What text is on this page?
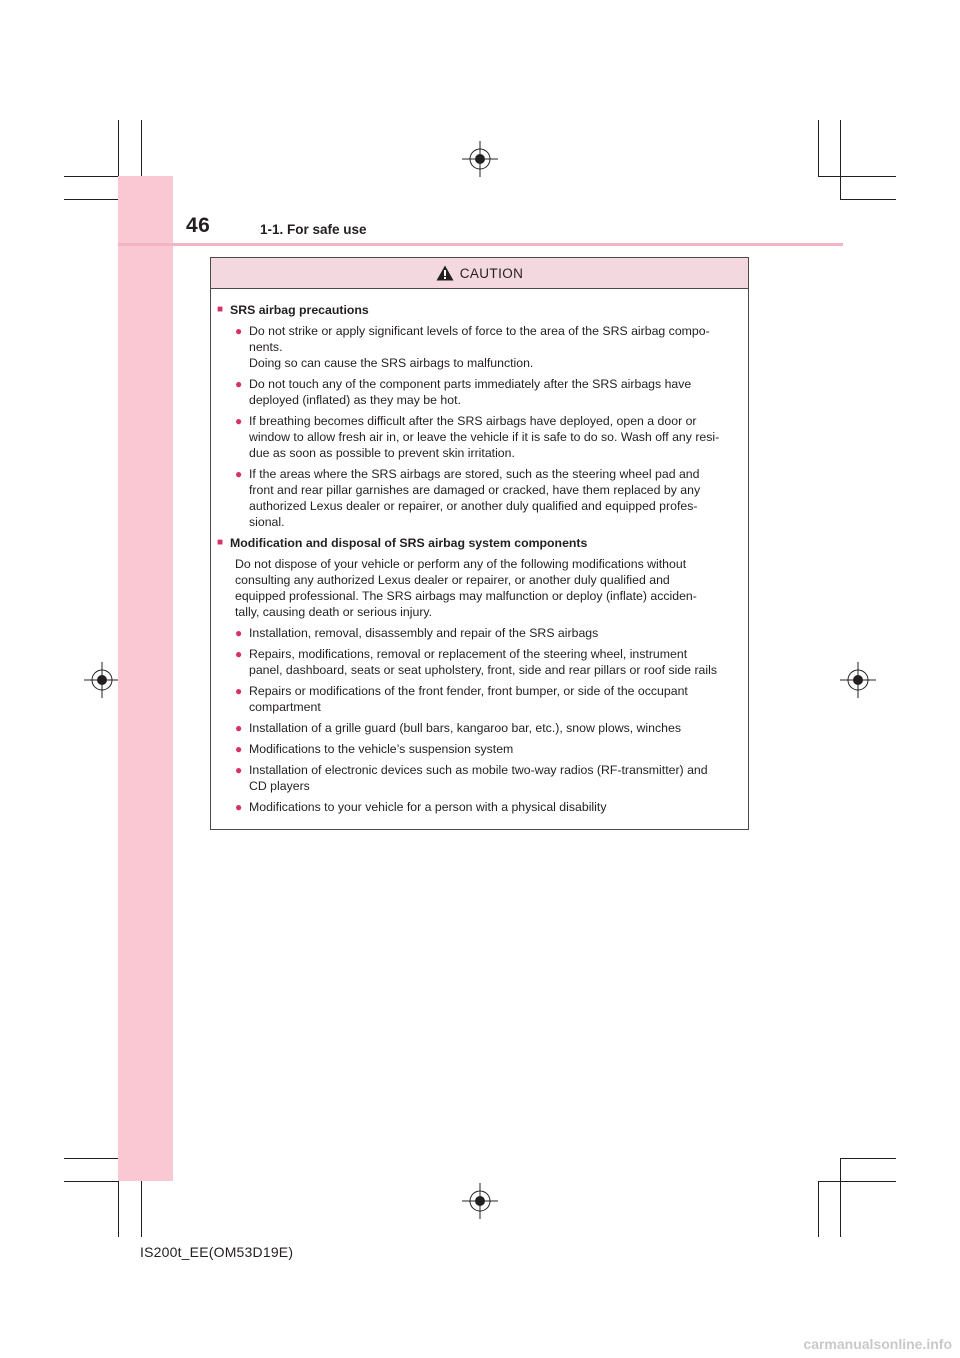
46	1-1. For safe use
CAUTION
■ SRS airbag precautions
● Do not strike or apply significant levels of force to the area of the SRS airbag compo-
nents.
Doing so can cause the SRS airbags to malfunction.
● Do not touch any of the component parts immediately after the SRS airbags have
deployed (inflated) as they may be hot.
● If breathing becomes difficult after the SRS airbags have deployed, open a door or
window to allow fresh air in, or leave the vehicle if it is safe to do so. Wash off any resi-
due as soon as possible to prevent skin irritation.
● If the areas where the SRS airbags are stored, such as the steering wheel pad and
front and rear pillar garnishes are damaged or cracked, have them replaced by any
authorized Lexus dealer or repairer, or another duly qualified and equipped profes-
sional.
■ Modification and disposal of SRS airbag system components
Do not dispose of your vehicle or perform any of the following modifications without
consulting any authorized Lexus dealer or repairer, or another duly qualified and
equipped professional. The SRS airbags may malfunction or deploy (inflate) acciden-
tally, causing death or serious injury.
● Installation, removal, disassembly and repair of the SRS airbags
● Repairs, modifications, removal or replacement of the steering wheel, instrument
panel, dashboard, seats or seat upholstery, front, side and rear pillars or roof side rails
● Repairs or modifications of the front fender, front bumper, or side of the occupant
compartment
● Installation of a grille guard (bull bars, kangaroo bar, etc.), snow plows, winches
● Modifications to the vehicle’s suspension system
● Installation of electronic devices such as mobile two-way radios (RF-transmitter) and
CD players
● Modifications to your vehicle for a person with a physical disability
IS200t_EE(OM53D19E)
carmanualsonline.info
